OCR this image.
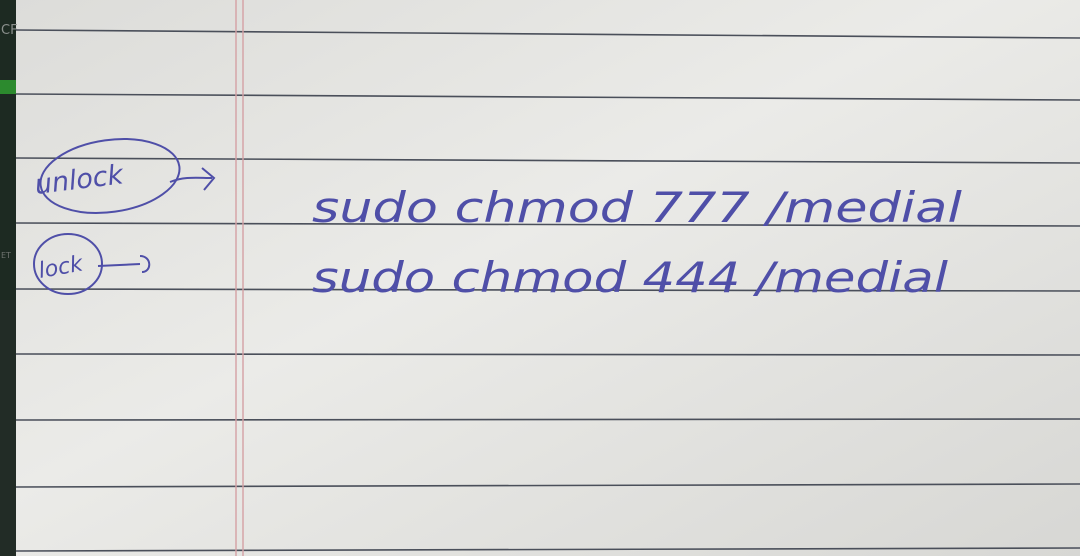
CF
ET
unlock
lock
sudo chmod 777 /medial
sudo chmod 444 /medial
